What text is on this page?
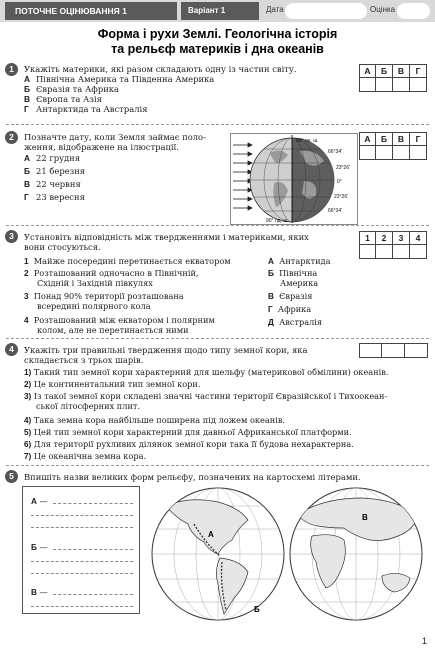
ПОТОЧНЕ ОЦІНЮВАННЯ 1	Варіант 1	Дата	Оцінка
Форма і рухи Землі. Геологічна історія
та рельєф материків і дна океанів
1	Укажіть материки, які разом складають одну із частин світу.
А Північна Америка та Південна Америка
Б Євразія та Африка
В Європа та Азія
Г Антарктида та Австралія
А	Б	В	Г
2	Позначте дату, коли Земля займає поло-
ження, відображене на ілюстрації.
А 22 грудня
Б 21 березня
В 22 червня
Г 23 вересня
90° пн. ш.
66°34'
23°26'
0°
23°26'
66°34'
90° пд. ш.
А	Б	В	Г
3	Установіть відповідність між твердженнями і материками, яких
вони стосуються.
1 Майже посередині перетинається екватором
2 Розташований одночасно в Північній,
Східній і Західній півкулях
3 Понад 90% території розташована
всередині полярного кола
4 Розташований між екватором і полярним
колом, але не перетинається ними
А Антарктида
Б Північна
Америка
В Євразія
Г Африка
Д Австралія
1	2	3	4
4	Укажіть три правильні твердження щодо типу земної кори, яка
складається з трьох шарів.
1) Такий тип земної кори характерний для шельфу (материкової обмілини) океанів.
2) Це континентальний тип земної кори.
3) Із такої земної кори складені значні частини території Євразійської і Тихоокеан-
ської літосферних плит.
4) Така земна кора найбільше поширена під ложем океанів.
5) Цей тип земної кори характерний для давньої Африканської платформи.
6) Для території рухливих ділянок земної кори така її будова нехарактерна.
7) Це океанічна земна кора.
5	Впишіть назви великих форм рельєфу, позначених на картосхемі літерами.
А —
Б —
В —
А
Б
В
1
